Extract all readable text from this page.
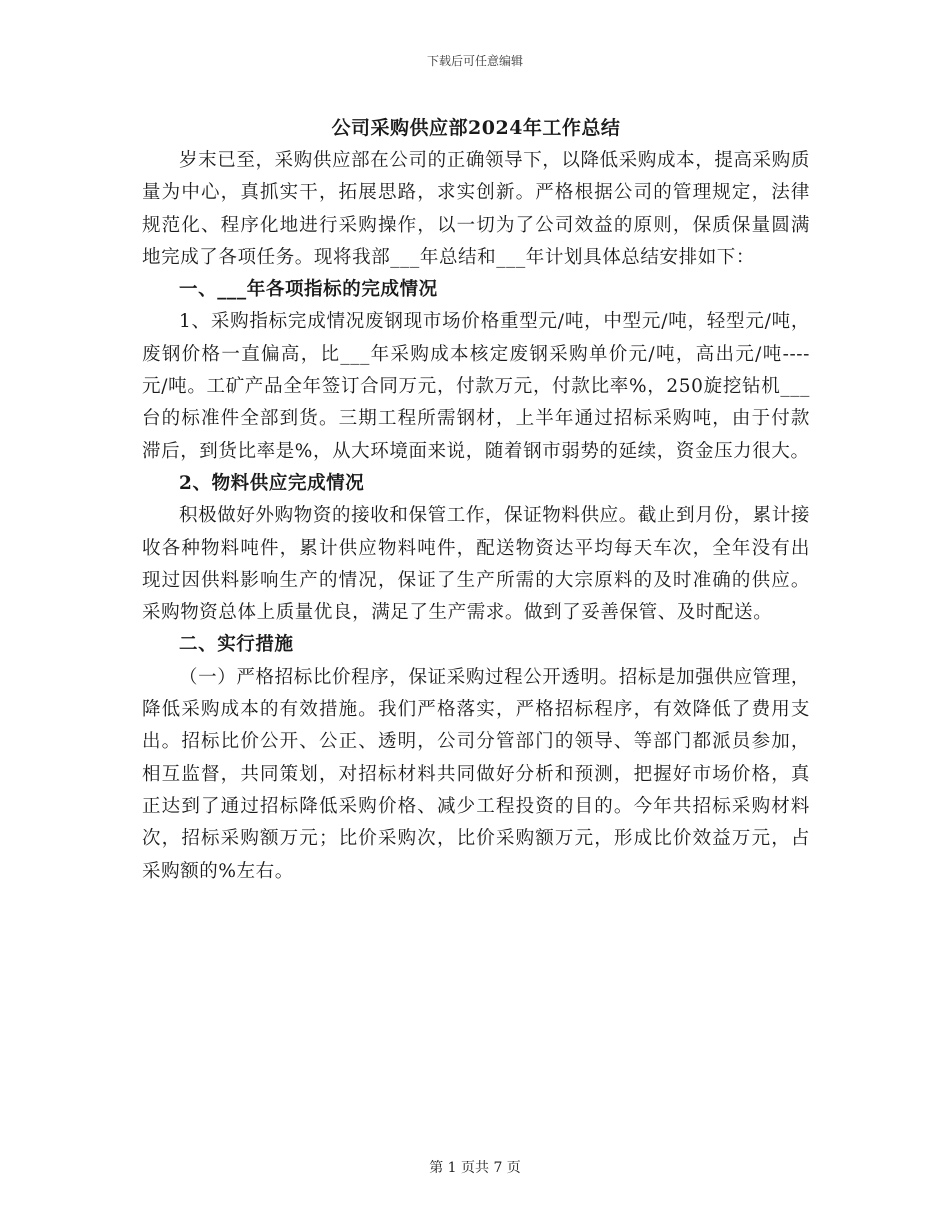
下载后可任意编辑
公司采购供应部2024年工作总结

岁末已至，采购供应部在公司的正确领导下，以降低采购成本，提高采购质量为中心，真抓实干，拓展思路，求实创新。严格根据公司的管理规定，法律规范化、程序化地进行采购操作，以一切为了公司效益的原则，保质保量圆满地完成了各项任务。现将我部___年总结和___年计划具体总结安排如下：

一、___年各项指标的完成情况

1、采购指标完成情况废钢现市场价格重型元/吨，中型元/吨，轻型元/吨，废钢价格一直偏高，比___年采购成本核定废钢采购单价元/吨，高出元/吨----元/吨。工矿产品全年签订合同万元，付款万元，付款比率%，250旋挖钻机___台的标准件全部到货。三期工程所需钢材，上半年通过招标采购吨，由于付款滞后，到货比率是%，从大环境面来说，随着钢市弱势的延续，资金压力很大。

2、物料供应完成情况

积极做好外购物资的接收和保管工作，保证物料供应。截止到月份，累计接收各种物料吨件，累计供应物料吨件，配送物资达平均每天车次，全年没有出现过因供料影响生产的情况，保证了生产所需的大宗原料的及时准确的供应。采购物资总体上质量优良，满足了生产需求。做到了妥善保管、及时配送。

二、实行措施

（一）严格招标比价程序，保证采购过程公开透明。招标是加强供应管理，降低采购成本的有效措施。我们严格落实，严格招标程序，有效降低了费用支出。招标比价公开、公正、透明，公司分管部门的领导、等部门都派员参加，相互监督，共同策划，对招标材料共同做好分析和预测，把握好市场价格，真正达到了通过招标降低采购价格、减少工程投资的目的。今年共招标采购材料次，招标采购额万元；比价采购次，比价采购额万元，形成比价效益万元，占采购额的%左右。

第 1 页共 7 页
